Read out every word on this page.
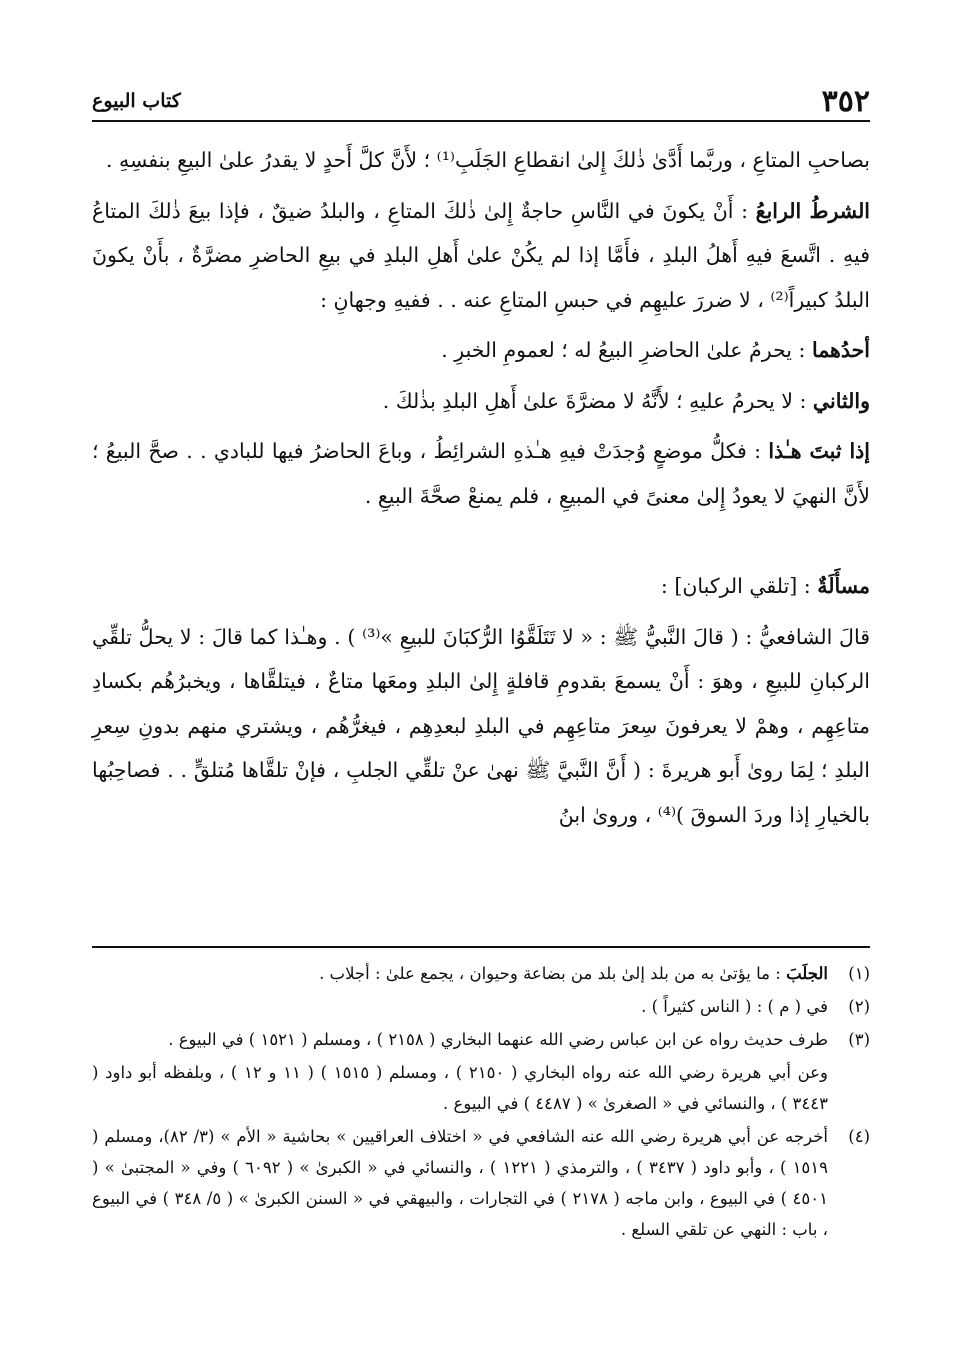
٣٥٢
كتاب البيوع

بصاحبِ المتاعِ ، وربَّما أَدَّىٰ ذٰلكَ إِلىٰ انقطاعِ الجَلَبِ⁽¹⁾ ؛ لأَنَّ كلَّ أَحدٍ لا يقدرُ علىٰ البيعِ بنفسِهِ .

الشرطُ الرابعُ : أَنْ يكونَ في النَّاسِ حاجةٌ إِلىٰ ذٰلكَ المتاعِ ، والبلدُ ضيقٌ ، فإذا بيعَ ذٰلكَ المتاعُ فيهِ . اتَّسعَ فيهِ أَهلُ البلدِ ، فأَمَّا إذا لم يكُنْ علىٰ أَهلِ البلدِ في بيعِ الحاضرِ مضرَّةٌ ، بأَنْ يكونَ البلدُ كبيراً⁽²⁾ ، لا ضررَ عليهِم في حبسِ المتاعِ عنه . . ففيهِ وجهانِ :

أحدُهما : يحرمُ علىٰ الحاضرِ البيعُ له ؛ لعمومِ الخبرِ .

والثاني : لا يحرمُ عليهِ ؛ لأَنَّهُ لا مضرَّةَ علىٰ أَهلِ البلدِ بذٰلكَ .

إذا ثبتَ هـٰذا : فكلُّ موضعٍ وُجدَتْ فيهِ هـٰذهِ الشرائِطُ ، وباعَ الحاضرُ فيها للبادي . . صحَّ البيعُ ؛ لأَنَّ النهيَ لا يعودُ إِلىٰ معنىً في المبيعِ ، فلم يمنعْ صحَّةَ البيعِ .

مسأَلَةٌ : [تلقي الركبان] :

قالَ الشافعيُّ : ( قالَ النَّبيُّ ﷺ : « لا تَتَلَقَّوُا الرُّكبَانَ للبيعِ »⁽³⁾ ) . وهـٰذا كما قالَ : لا يحلُّ تلقِّي الركبانِ للبيعِ ، وهوَ : أَنْ يسمعَ بقدومِ قافلةٍ إِلىٰ البلدِ ومعَها متاعٌ ، فيتلقَّاها ، ويخبرُهُم بكسادِ متاعِهِم ، وهمْ لا يعرفونَ سِعرَ متاعِهِم في البلدِ لبعدِهِم ، فيغرُّهُم ، ويشتري منهم بدونِ سِعرِ البلدِ ؛ لِمَا روىٰ أَبو هريرةَ : ( أَنَّ النَّبيَّ ﷺ نهىٰ عنْ تلقِّي الجلبِ ، فإنْ تلقَّاها مُتلقٍّ . . فصاحِبُها بالخيارِ إذا وردَ السوقَ )⁽⁴⁾ ، وروىٰ ابنُ

(١)
الجلَبَ : ما يؤتىٰ به من بلد إلىٰ بلد من بضاعة وحيوان ، يجمع علىٰ : أجلاب .
(٢)
في ( م ) : ( الناس كثيراً ) .
(٣)
طرف حديث رواه عن ابن عباس رضي الله عنهما البخاري ( ٢١٥٨ ) ، ومسلم ( ١٥٢١ ) في البيوع .
وعن أبي هريرة رضي الله عنه رواه البخاري ( ٢١٥٠ ) ، ومسلم ( ١٥١٥ ) ( ١١ و ١٢ ) ، وبلفظه أبو داود ( ٣٤٤٣ ) ، والنسائي في « الصغرىٰ » ( ٤٤٨٧ ) في البيوع .
(٤)
أخرجه عن أبي هريرة رضي الله عنه الشافعي في « اختلاف العراقيين » بحاشية « الأم » (٣/ ٨٢)، ومسلم ( ١٥١٩ ) ، وأبو داود ( ٣٤٣٧ ) ، والترمذي ( ١٢٢١ ) ، والنسائي في « الكبرىٰ » ( ٦٠٩٢ ) وفي « المجتبىٰ » ( ٤٥٠١ ) في البيوع ، وابن ماجه ( ٢١٧٨ ) في التجارات ، والبيهقي في « السنن الكبرىٰ » ( ٥/ ٣٤٨ ) في البيوع ، باب : النهي عن تلقي السلع .
